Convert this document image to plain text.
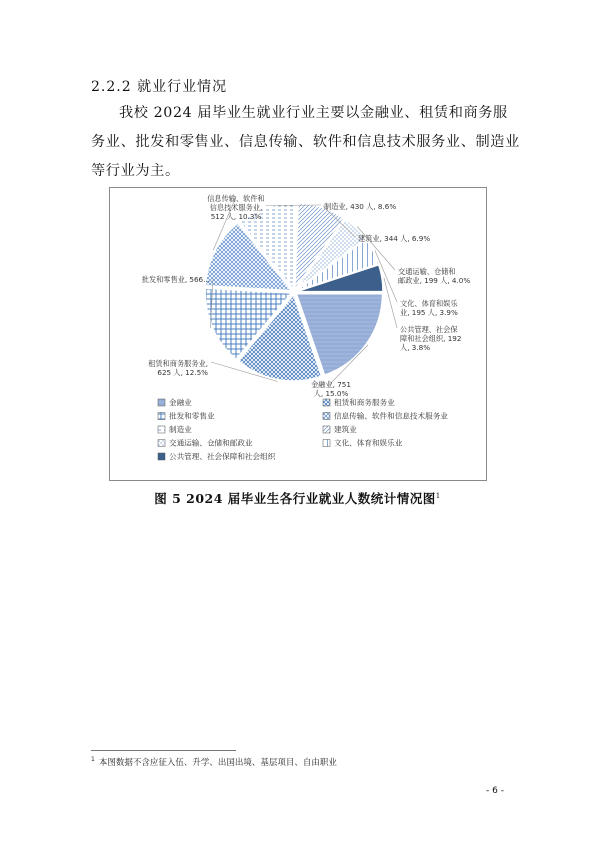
2.2.2 就业行业情况
我校 2024 届毕业生就业行业主要以金融业、租赁和商务服务业、批发和零售业、信息传输、软件和信息技术服务业、制造业等行业为主。
金融业, 751
人, 15.0%
租赁和商务服务业,
625 人, 12.5%
批发和零售业, 566...
信息传输、软件和
信息技术服务业,
512 人, 10.3%
制造业, 430 人, 8.6%
建筑业, 344 人, 6.9%
交通运输、仓储和
邮政业, 199 人, 4.0%
文化、体育和娱乐
业, 195 人, 3.9%
公共管理、社会保
障和社会组织, 192
人, 3.8%
金融业	租赁和商务服务业
批发和零售业	信息传输、软件和信息技术服务业
制造业	建筑业
交通运输、仓储和邮政业	文化、体育和娱乐业
公共管理、社会保障和社会组织
图 5 2024 届毕业生各行业就业人数统计情况图$^1$
$^1$ 本图数据不含应征入伍、升学、出国出境、基层项目、自由职业
- 6 -
